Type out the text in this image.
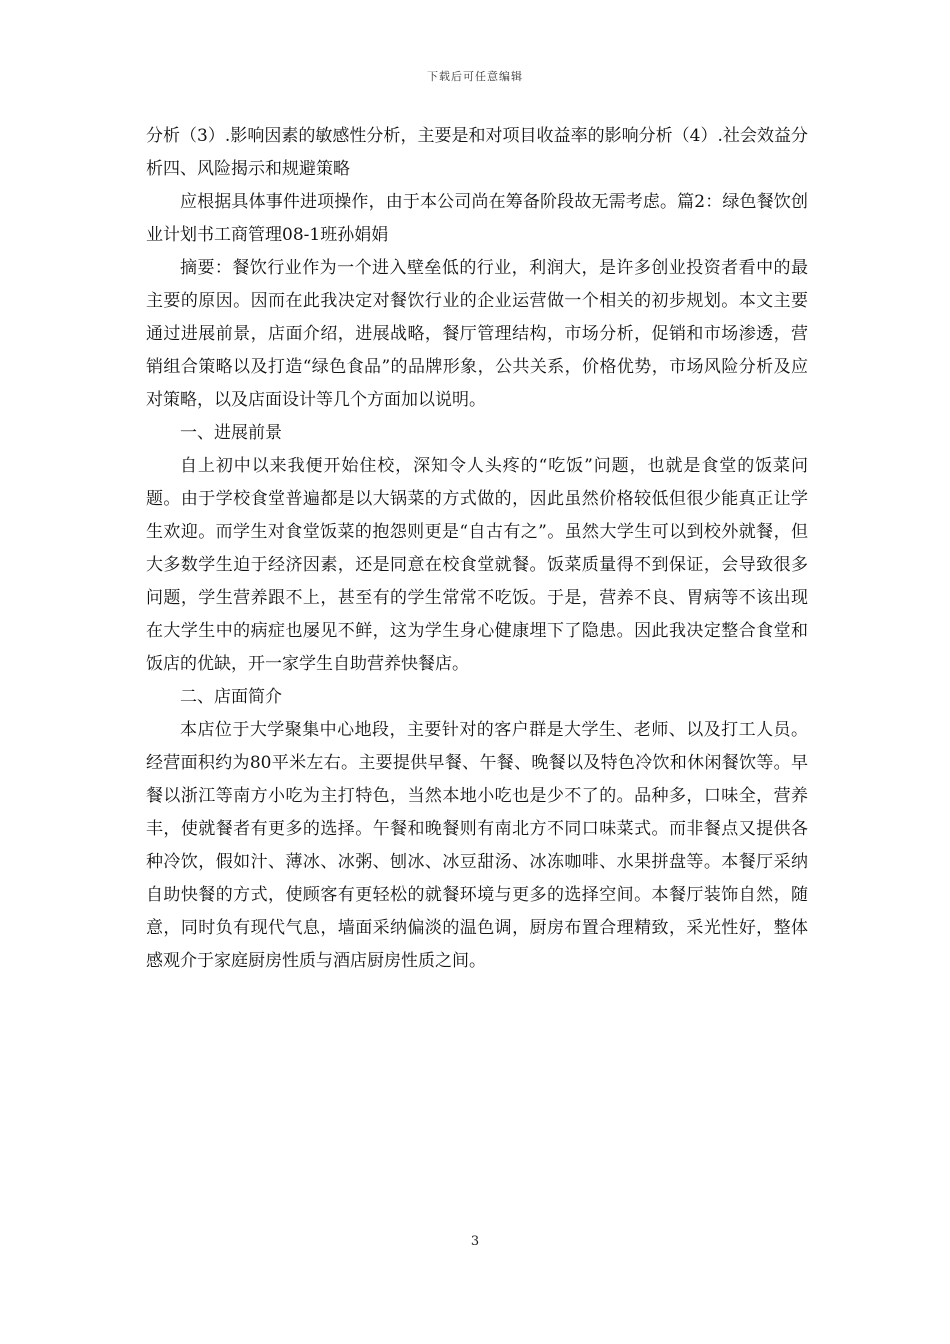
下载后可任意编辑

分析（3）.影响因素的敏感性分析，主要是和对项目收益率的影响分析（4）.社会效益分析四、风险揭示和规避策略

应根据具体事件进项操作，由于本公司尚在筹备阶段故无需考虑。篇2：绿色餐饮创业计划书工商管理08-1班孙娟娟

摘要：餐饮行业作为一个进入壁垒低的行业，利润大，是许多创业投资者看中的最主要的原因。因而在此我决定对餐饮行业的企业运营做一个相关的初步规划。本文主要通过进展前景，店面介绍，进展战略，餐厅管理结构，市场分析，促销和市场渗透，营销组合策略以及打造“绿色食品”的品牌形象，公共关系，价格优势，市场风险分析及应对策略，以及店面设计等几个方面加以说明。

一、进展前景

自上初中以来我便开始住校，深知令人头疼的“吃饭”问题，也就是食堂的饭菜问题。由于学校食堂普遍都是以大锅菜的方式做的，因此虽然价格较低但很少能真正让学生欢迎。而学生对食堂饭菜的抱怨则更是“自古有之”。虽然大学生可以到校外就餐，但大多数学生迫于经济因素，还是同意在校食堂就餐。饭菜质量得不到保证，会导致很多问题，学生营养跟不上，甚至有的学生常常不吃饭。于是，营养不良、胃病等不该出现在大学生中的病症也屡见不鲜，这为学生身心健康埋下了隐患。因此我决定整合食堂和饭店的优缺，开一家学生自助营养快餐店。

二、店面简介

本店位于大学聚集中心地段，主要针对的客户群是大学生、老师、以及打工人员。经营面积约为80平米左右。主要提供早餐、午餐、晚餐以及特色冷饮和休闲餐饮等。早餐以浙江等南方小吃为主打特色，当然本地小吃也是少不了的。品种多，口味全，营养丰，使就餐者有更多的选择。午餐和晚餐则有南北方不同口味菜式。而非餐点又提供各种冷饮，假如汁、薄冰、冰粥、刨冰、冰豆甜汤、冰冻咖啡、水果拼盘等。本餐厅采纳自助快餐的方式，使顾客有更轻松的就餐环境与更多的选择空间。本餐厅装饰自然，随意，同时负有现代气息，墙面采纳偏淡的温色调，厨房布置合理精致，采光性好，整体感观介于家庭厨房性质与酒店厨房性质之间。

3
